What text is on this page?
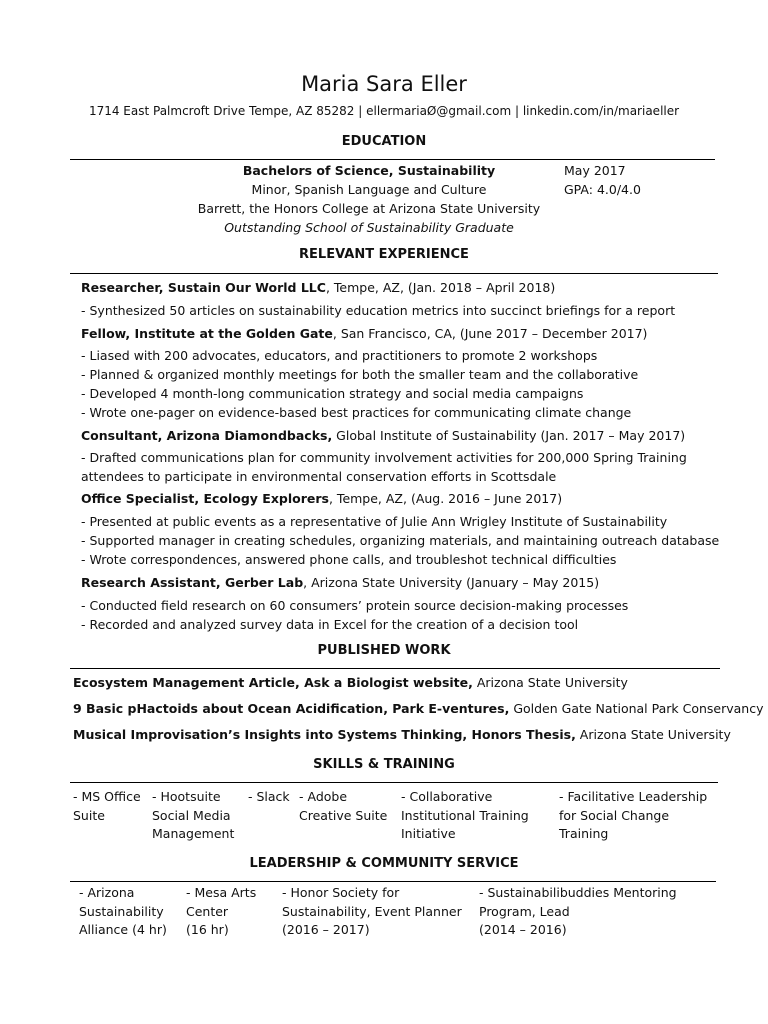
Maria Sara Eller
1714 East Palmcroft Drive Tempe, AZ 85282 | ellermariaØ@gmail.com | linkedin.com/in/mariaeller
EDUCATION
Bachelors of Science, Sustainability
Minor, Spanish Language and Culture
Barrett, the Honors College at Arizona State University
Outstanding School of Sustainability Graduate
May 2017
GPA: 4.0/4.0
RELEVANT EXPERIENCE
Researcher, Sustain Our World LLC, Tempe, AZ, (Jan. 2018 – April 2018)
- Synthesized 50 articles on sustainability education metrics into succinct briefings for a report
Fellow, Institute at the Golden Gate, San Francisco, CA, (June 2017 – December 2017)
- Liased with 200 advocates, educators, and practitioners to promote 2 workshops
- Planned & organized monthly meetings for both the smaller team and the collaborative
- Developed 4 month-long communication strategy and social media campaigns
- Wrote one-pager on evidence-based best practices for communicating climate change
Consultant, Arizona Diamondbacks, Global Institute of Sustainability (Jan. 2017 – May 2017)
- Drafted communications plan for community involvement activities for 200,000 Spring Training
attendees to participate in environmental conservation efforts in Scottsdale
Office Specialist, Ecology Explorers, Tempe, AZ, (Aug. 2016 – June 2017)
- Presented at public events as a representative of Julie Ann Wrigley Institute of Sustainability
- Supported manager in creating schedules, organizing materials, and maintaining outreach database
- Wrote correspondences, answered phone calls, and troubleshot technical difficulties
Research Assistant, Gerber Lab, Arizona State University (January – May 2015)
- Conducted field research on 60 consumers’ protein source decision-making processes
- Recorded and analyzed survey data in Excel for the creation of a decision tool
PUBLISHED WORK
Ecosystem Management Article, Ask a Biologist website, Arizona State University
9 Basic pHactoids about Ocean Acidification, Park E-ventures, Golden Gate National Park Conservancy
Musical Improvisation’s Insights into Systems Thinking, Honors Thesis, Arizona State University
SKILLS & TRAINING
- MS Office
Suite
- Hootsuite
Social Media
Management
- Slack - Adobe
Creative Suite
- Collaborative
Institutional Training
Initiative
- Facilitative Leadership
for Social Change
Training
LEADERSHIP & COMMUNITY SERVICE
- Arizona
Sustainability
Alliance (4 hr)
- Mesa Arts
Center
(16 hr)
- Honor Society for
Sustainability, Event Planner
(2016 – 2017)
- Sustainabilibuddies Mentoring
Program, Lead
(2014 – 2016)
